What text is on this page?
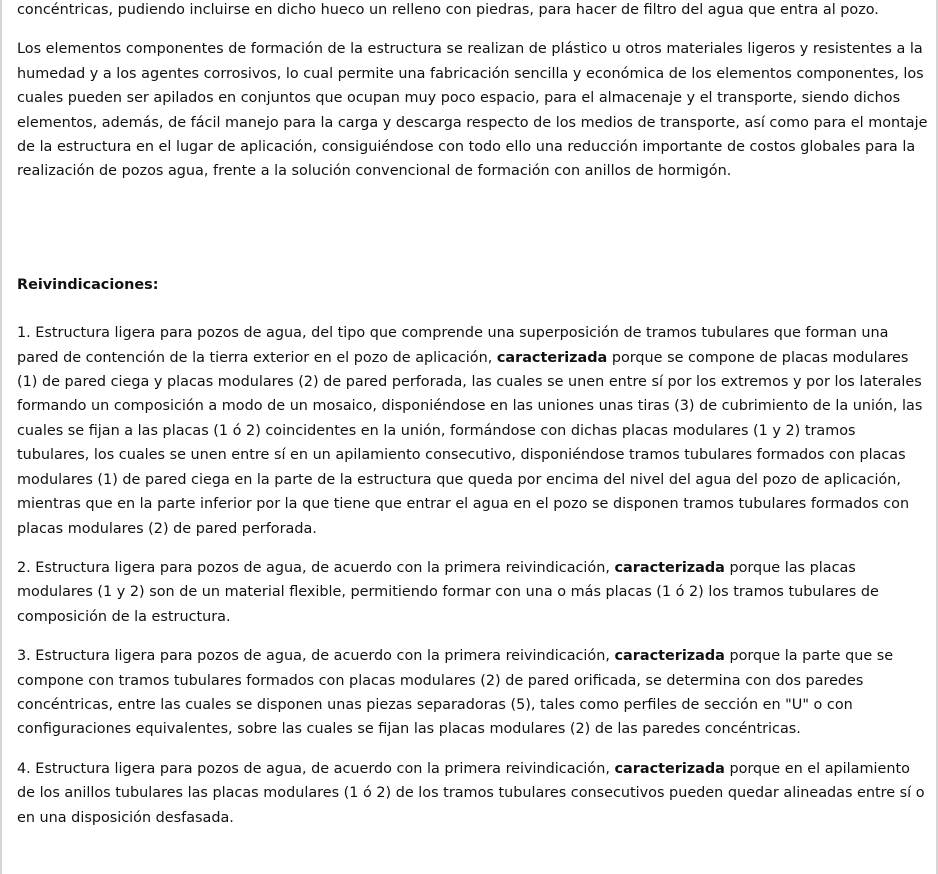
concéntricas, pudiendo incluirse en dicho hueco un relleno con piedras, para hacer de filtro del agua que entra al pozo.

Los elementos componentes de formación de la estructura se realizan de plástico u otros materiales ligeros y resistentes a la humedad y a los agentes corrosivos, lo cual permite una fabricación sencilla y económica de los elementos componentes, los cuales pueden ser apilados en conjuntos que ocupan muy poco espacio, para el almacenaje y el transporte, siendo dichos elementos, además, de fácil manejo para la carga y descarga respecto de los medios de transporte, así como para el montaje de la estructura en el lugar de aplicación, consiguiéndose con todo ello una reducción importante de costos globales para la realización de pozos agua, frente a la solución convencional de formación con anillos de hormigón.

Reivindicaciones:

1. Estructura ligera para pozos de agua, del tipo que comprende una superposición de tramos tubulares que forman una pared de contención de la tierra exterior en el pozo de aplicación, caracterizada porque se compone de placas modulares (1) de pared ciega y placas modulares (2) de pared perforada, las cuales se unen entre sí por los extremos y por los laterales formando un composición a modo de un mosaico, disponiéndose en las uniones unas tiras (3) de cubrimiento de la unión, las cuales se fijan a las placas (1 ó 2) coincidentes en la unión, formándose con dichas placas modulares (1 y 2) tramos tubulares, los cuales se unen entre sí en un apilamiento consecutivo, disponiéndose tramos tubulares formados con placas modulares (1) de pared ciega en la parte de la estructura que queda por encima del nivel del agua del pozo de aplicación, mientras que en la parte inferior por la que tiene que entrar el agua en el pozo se disponen tramos tubulares formados con placas modulares (2) de pared perforada.

2. Estructura ligera para pozos de agua, de acuerdo con la primera reivindicación, caracterizada porque las placas modulares (1 y 2) son de un material flexible, permitiendo formar con una o más placas (1 ó 2) los tramos tubulares de composición de la estructura.

3. Estructura ligera para pozos de agua, de acuerdo con la primera reivindicación, caracterizada porque la parte que se compone con tramos tubulares formados con placas modulares (2) de pared orificada, se determina con dos paredes concéntricas, entre las cuales se disponen unas piezas separadoras (5), tales como perfiles de sección en "U" o con configuraciones equivalentes, sobre las cuales se fijan las placas modulares (2) de las paredes concéntricas.

4. Estructura ligera para pozos de agua, de acuerdo con la primera reivindicación, caracterizada porque en el apilamiento de los anillos tubulares las placas modulares (1 ó 2) de los tramos tubulares consecutivos pueden quedar alineadas entre sí o en una disposición desfasada.
